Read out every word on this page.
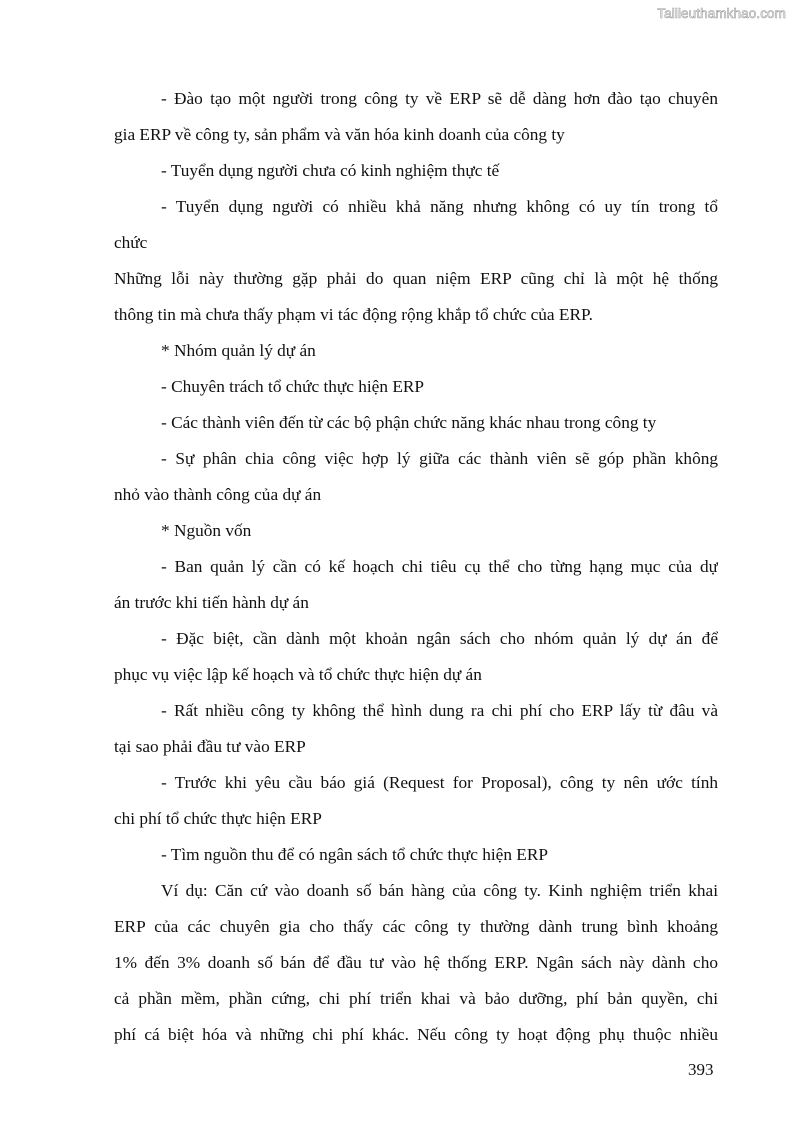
Tailieuthamkhao.com
- Đào tạo một người trong công ty về ERP sẽ dễ dàng hơn đào tạo chuyên
gia ERP về công ty, sản phẩm và văn hóa kinh doanh của công ty
- Tuyển dụng người chưa có kinh nghiệm thực tế
- Tuyển dụng người có nhiều khả năng nhưng không có uy tín trong tổ
chức
Những lỗi này thường gặp phải do quan niệm ERP cũng chỉ là một hệ thống
thông tin mà chưa thấy phạm vi tác động rộng khắp tổ chức của ERP.
* Nhóm quản lý dự án
- Chuyên trách tổ chức thực hiện ERP
- Các thành viên đến từ các bộ phận chức năng khác nhau trong công ty
- Sự phân chia công việc hợp lý giữa các thành viên sẽ góp phần không
nhỏ vào thành công của dự án
* Nguồn vốn
- Ban quản lý cần có kế hoạch chi tiêu cụ thể cho từng hạng mục của dự
án trước khi tiến hành dự án
- Đặc biệt, cần dành một khoản ngân sách cho nhóm quản lý dự án để
phục vụ việc lập kế hoạch và tổ chức thực hiện dự án
- Rất nhiều công ty không thể hình dung ra chi phí cho ERP lấy từ đâu và
tại sao phải đầu tư vào ERP
- Trước khi yêu cầu báo giá (Request for Proposal), công ty nên ước tính
chi phí tổ chức thực hiện ERP
- Tìm nguồn thu để có ngân sách tổ chức thực hiện ERP
Ví dụ: Căn cứ vào doanh số bán hàng của công ty. Kinh nghiệm triển khai
ERP của các chuyên gia cho thấy các công ty thường dành trung bình khoảng
1% đến 3% doanh số bán để đầu tư vào hệ thống ERP. Ngân sách này dành cho
cả phần mềm, phần cứng, chi phí triển khai và bảo dưỡng, phí bản quyền, chi
phí cá biệt hóa và những chi phí khác. Nếu công ty hoạt động phụ thuộc nhiều
393
